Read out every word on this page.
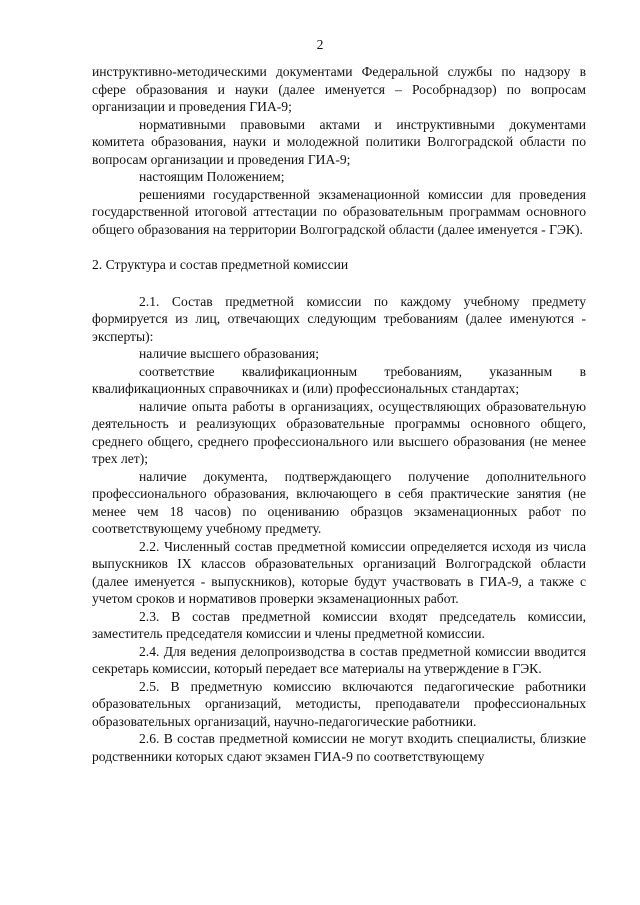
2

инструктивно-методическими документами Федеральной службы по надзору в сфере образования и науки (далее именуется – Рособрнадзор) по вопросам организации и проведения ГИА-9;

нормативными правовыми актами и инструктивными документами комитета образования, науки и молодежной политики Волгоградской области по вопросам организации и проведения ГИА-9;

настоящим Положением;

решениями государственной экзаменационной комиссии для проведения государственной итоговой аттестации по образовательным программам основного общего образования на территории Волгоградской области (далее именуется - ГЭК).

2. Структура и состав предметной комиссии

2.1. Состав предметной комиссии по каждому учебному предмету формируется из лиц, отвечающих следующим требованиям (далее именуются - эксперты):

наличие высшего образования;

соответствие квалификационным требованиям, указанным в квалификационных справочниках и (или) профессиональных стандартах;

наличие опыта работы в организациях, осуществляющих образовательную деятельность и реализующих образовательные программы основного общего, среднего общего, среднего профессионального или высшего образования (не менее трех лет);

наличие документа, подтверждающего получение дополнительного профессионального образования, включающего в себя практические занятия (не менее чем 18 часов) по оцениванию образцов экзаменационных работ по соответствующему учебному предмету.

2.2. Численный состав предметной комиссии определяется исходя из числа выпускников IX классов образовательных организаций Волгоградской области (далее именуется - выпускников), которые будут участвовать в ГИА-9, а также с учетом сроков и нормативов проверки экзаменационных работ.

2.3. В состав предметной комиссии входят председатель комиссии, заместитель председателя комиссии и члены предметной комиссии.

2.4. Для ведения делопроизводства в состав предметной комиссии вводится секретарь комиссии, который передает все материалы на утверждение в ГЭК.

2.5. В предметную комиссию включаются педагогические работники образовательных организаций, методисты, преподаватели профессиональных образовательных организаций, научно-педагогические работники.

2.6. В состав предметной комиссии не могут входить специалисты, близкие родственники которых сдают экзамен ГИА-9 по соответствующему
